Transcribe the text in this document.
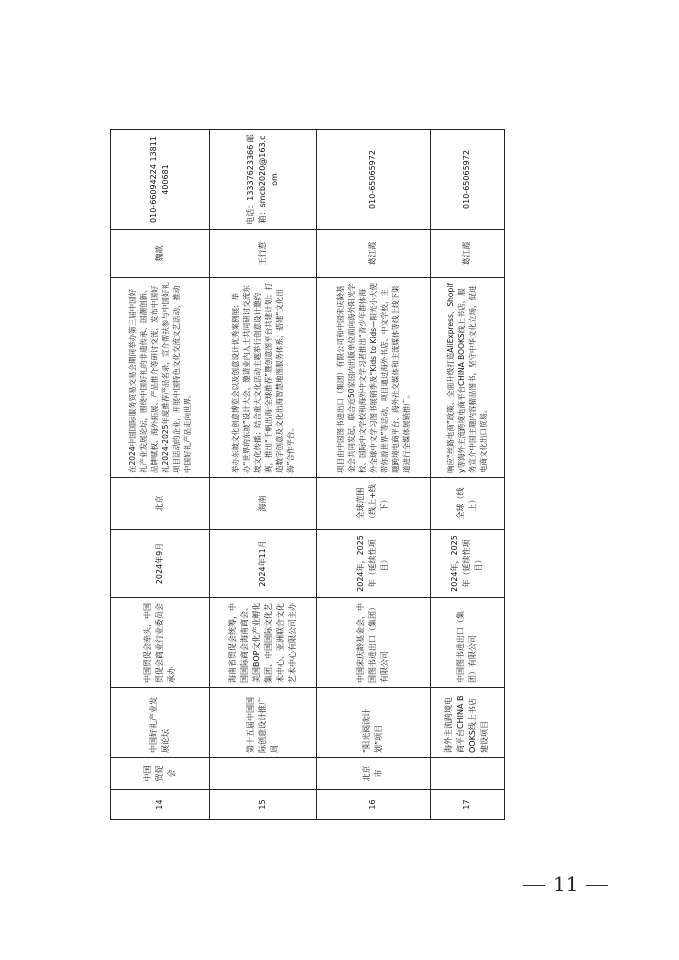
14	中国贸促会	中国好礼产业发展论坛	中国贸促会牵头，中国贸促会商业行业委员会承办	2024年9月	北京	在2024中国国际服务贸易交易会期间举办第三届中国好礼产业发展论坛，围绕中国好礼的非遗传承、国潮创新、品牌赋权、海外拓展、产品推介等研讨交流，发布中国好礼2024-2025年度推荐产品名录，宣介帮扶参与中国好礼项目活动的企业，开展中国特色文化交流文艺活动，推动中国好礼产品走向世界。	魏歆	010-66094224 13811400681
15		第十五届中国国际创意设计推广周	海南省贸促会统筹，中国国际商会海南商会、美国BOP文化产业孵化集团、中国国际文化艺术中心、亚洲联合文化艺术中心有限公司主办	2024年11月	海南	举办东坡文化创意博览会以及创意设计优秀案例展；举办“世界的东坡”设计大会，邀请业内人士共同研讨交流东坡文化传播；结合重大文化活动主题举行创意设计邀约赛，推出“千帆出海·全球推荐”暨创意图平台共建计划；打造数字创意及文化出海智慧地图服务体系，搭建“文化出海”合作平台。	王行惹	电话：13337623366 邮箱：smcb2020@163.com
16	北京市	“阳光阅读计划”项目	中国宋庆龄基金会，中国图书进出口（集团）有限公司	2024年，2025年（延续性项目）	全球范围（线上+线下）	项目由中国图书进出口（集团）有限公司和中国宋庆龄基金会共同发起，联合近50家国内出版单位面向海外阳光学校、国际中文学校和海外中文学习者推出“青少年群体海外全球中文学习图书展销季及“Kids to Kids—阳光小大使带你游世界”等活动，项目通过海外书店、中文学校、主题跨境电商平台、海外社交媒体和主流媒体等线上线下渠道进行全媒体展销推广。	葛江霞	010-65065972
17		海外主流跨境电商平台CHINA BOOKS线上书店建设项目	中国图书进出口（集团）有限公司	2024年，2025年（延续性项目）	全球（线上）	响应“丝路电商”政策，全面升级打造AliExpress、Shopify等海外主流跨境电商平台CHINA BOOKS线上书店，服务宣介中国主题内容精品图书，坚守中华文化立场，促进电商文化出口贸易。	葛江霞	010-65065972
11
